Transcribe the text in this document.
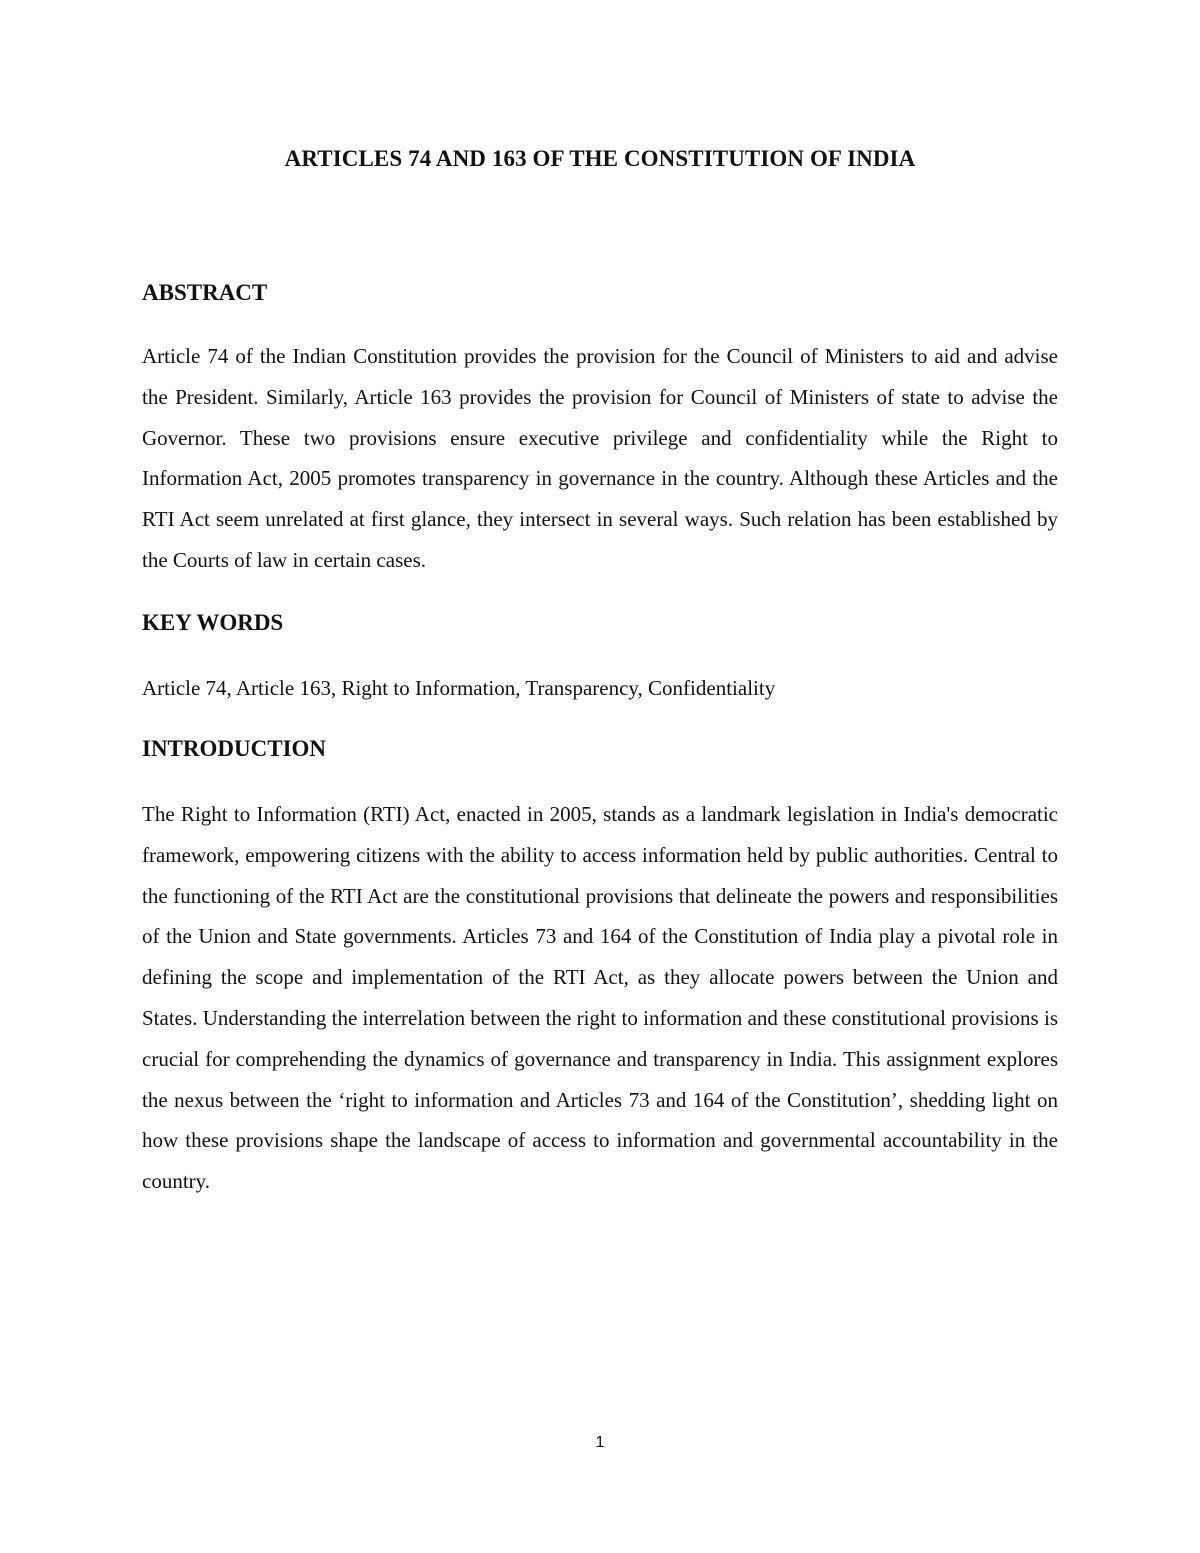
ARTICLES 74 AND 163 OF THE CONSTITUTION OF INDIA
ABSTRACT

Article 74 of the Indian Constitution provides the provision for the Council of Ministers to aid and advise the President. Similarly, Article 163 provides the provision for Council of Ministers of state to advise the Governor. These two provisions ensure executive privilege and confidentiality while the Right to Information Act, 2005 promotes transparency in governance in the country. Although these Articles and the RTI Act seem unrelated at first glance, they intersect in several ways. Such relation has been established by the Courts of law in certain cases.

KEY WORDS

Article 74, Article 163, Right to Information, Transparency, Confidentiality

INTRODUCTION

The Right to Information (RTI) Act, enacted in 2005, stands as a landmark legislation in India's democratic framework, empowering citizens with the ability to access information held by public authorities. Central to the functioning of the RTI Act are the constitutional provisions that delineate the powers and responsibilities of the Union and State governments. Articles 73 and 164 of the Constitution of India play a pivotal role in defining the scope and implementation of the RTI Act, as they allocate powers between the Union and States. Understanding the interrelation between the right to information and these constitutional provisions is crucial for comprehending the dynamics of governance and transparency in India. This assignment explores the nexus between the ‘right to information and Articles 73 and 164 of the Constitution’, shedding light on how these provisions shape the landscape of access to information and governmental accountability in the country.

1
